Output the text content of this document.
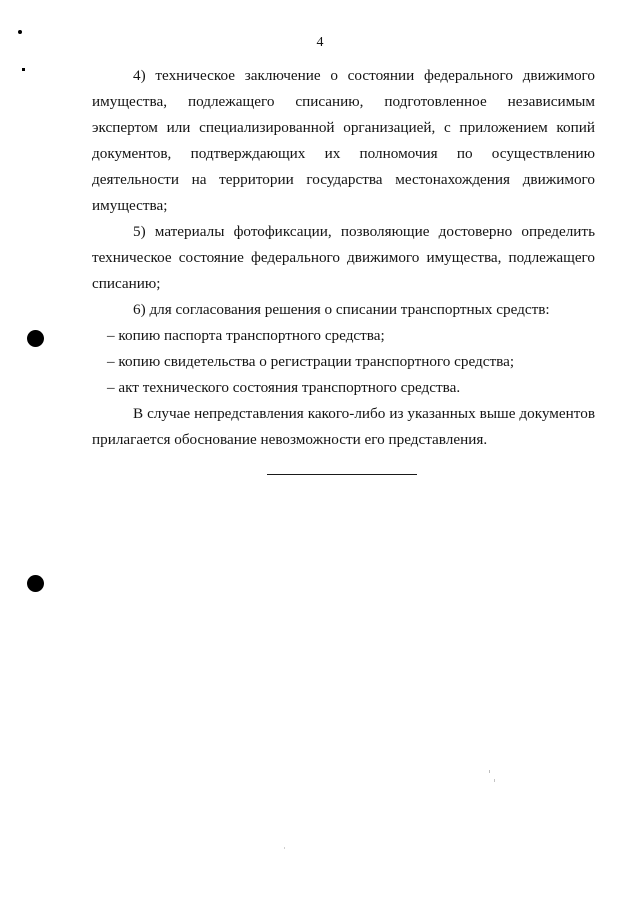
4

4) техническое заключение о состоянии федерального движимого имущества, подлежащего списанию, подготовленное независимым экспертом или специализированной организацией, с приложением копий документов, подтверждающих их полномочия по осуществлению деятельности на территории государства местонахождения движимого имущества;

5) материалы фотофиксации, позволяющие достоверно определить техническое состояние федерального движимого имущества, подлежащего списанию;

6) для согласования решения о списании транспортных средств:

– копию паспорта транспортного средства;

– копию свидетельства о регистрации транспортного средства;

– акт технического состояния транспортного средства.

В случае непредставления какого-либо из указанных выше документов прилагается обоснование невозможности его представления.
